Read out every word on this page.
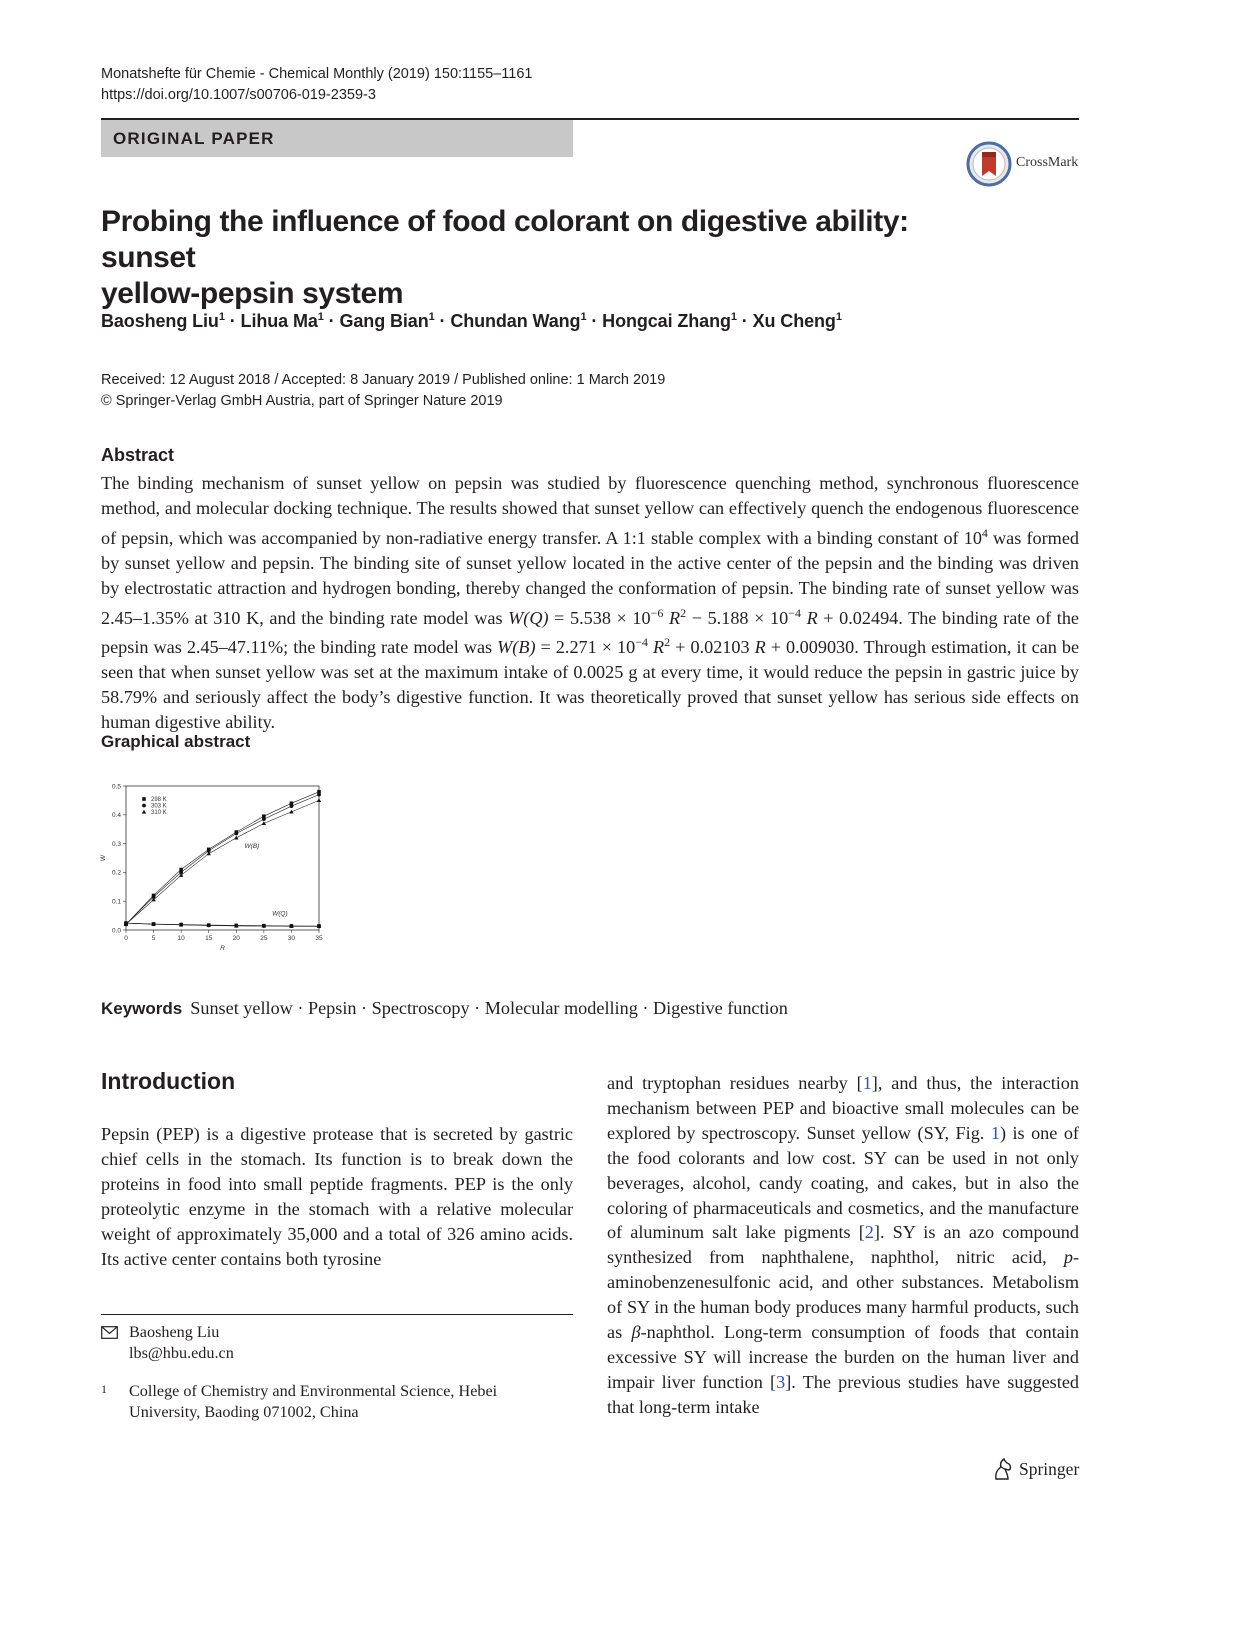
Monatshefte für Chemie - Chemical Monthly (2019) 150:1155–1161
https://doi.org/10.1007/s00706-019-2359-3
ORIGINAL PAPER
CrossMark
Probing the influence of food colorant on digestive ability: sunset
yellow-pepsin system
Baosheng Liu$^1$ · Lihua $Ma^1$ · Gang Bian$^1$ · Chundan Wang$^1$ · Hongcai Zhang$^1$ · Xu Cheng$^1$
Received: 12 August 2018 / Accepted: 8 January 2019 / Published online: 1 March 2019
© Springer-Verlag GmbH Austria, part of Springer Nature 2019
Abstract
The binding mechanism of sunset yellow on pepsin was studied by fluorescence quenching method, synchronous fluorescence method, and molecular docking technique. The results showed that sunset yellow can effectively quench the endogenous fluorescence of pepsin, which was accompanied by non-radiative energy transfer. A 1:1 stable complex with a binding constant of $10^4$ was formed by sunset yellow and pepsin. The binding site of sunset yellow located in the active center of the pepsin and the binding was driven by electrostatic attraction and hydrogen bonding, thereby changed the conformation of pepsin. The binding rate of sunset yellow was 2.45–1.35% at 310 K, and the binding rate model was $W(Q) = 5.538 \times 10^{-6}$ $R^2 - 5.188 \times 10^{-4}$ R + 0.02494. The binding rate of the pepsin was 2.45–47.11%; the binding rate model was $W(B) = 2.271 \times 10^{-4}$ $R^2 + 0.02103$ R + 0.009030. Through estimation, it can be seen that when sunset yellow was set at the maximum intake of 0.0025 g at every time, it would reduce the pepsin in gastric juice by 58.79% and seriously affect the body’s digestive function. It was theoretically proved that sunset yellow has serious side effects on human digestive ability.
Graphical abstract
0	5	10	15	20	25	30	35
0.0
0.1
0.2
0.3
0.4
0.5
R
W
298 K
303 K
310 K
W(B)
W(Q)
Keywords Sunset yellow · Pepsin · Spectroscopy · Molecular modelling · Digestive function
Introduction
Pepsin (PEP) is a digestive protease that is secreted by gastric chief cells in the stomach. Its function is to break down the proteins in food into small peptide fragments. PEP is the only proteolytic enzyme in the stomach with a relative molecular weight of approximately 35,000 and a total of 326 amino acids. Its active center contains both tyrosine
and tryptophan residues nearby [1], and thus, the interaction mechanism between PEP and bioactive small molecules can be explored by spectroscopy. Sunset yellow (SY, Fig. 1) is one of the food colorants and low cost. SY can be used in not only beverages, alcohol, candy coating, and cakes, but in also the coloring of pharmaceuticals and cosmetics, and the manufacture of aluminum salt lake pigments [2]. SY is an azo compound synthesized from naphthalene, naphthol, nitric acid, p-aminobenzenesulfonic acid, and other substances. Metabolism of SY in the human body produces many harmful products, such as β-naphthol. Long-term consumption of foods that contain excessive SY will increase the burden on the human liver and impair liver function [3]. The previous studies have suggested that long-term intake
Baosheng Liu
lbs@hbu.edu.cn
1 College of Chemistry and Environmental Science, Hebei
University, Baoding 071002, China
Springer
